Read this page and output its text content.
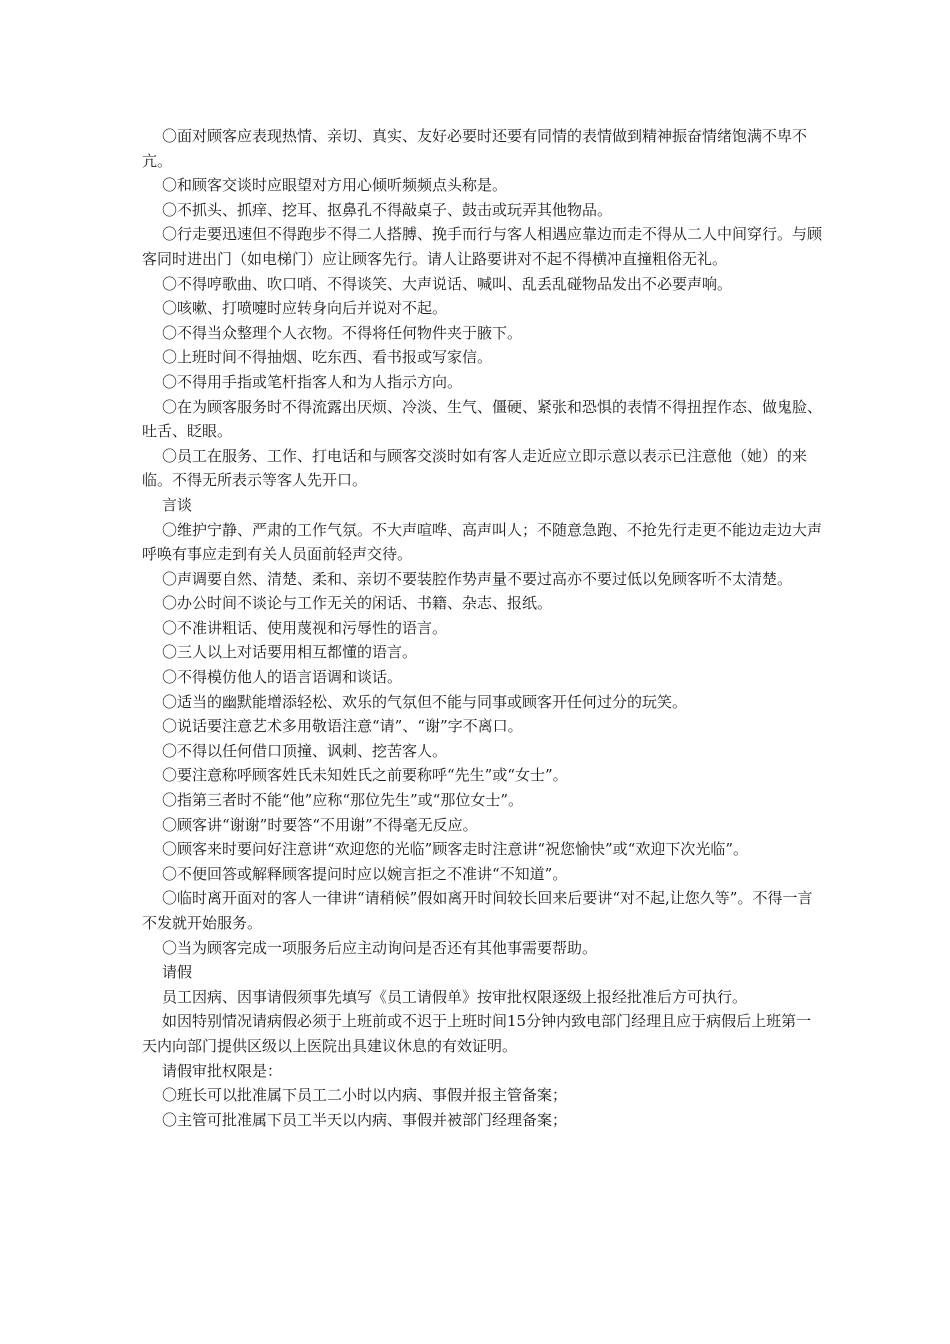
〇面对顾客应表现热情、亲切、真实、友好必要时还要有同情的表情做到精神振奋情绪饱满不卑不亢。

〇和顾客交谈时应眼望对方用心倾听频频点头称是。

〇不抓头、抓痒、挖耳、抠鼻孔不得敲桌子、鼓击或玩弄其他物品。

〇行走要迅速但不得跑步不得二人搭膊、挽手而行与客人相遇应靠边而走不得从二人中间穿行。与顾客同时进出门（如电梯门）应让顾客先行。请人让路要讲对不起不得横冲直撞粗俗无礼。

〇不得哼歌曲、吹口哨、不得谈笑、大声说话、喊叫、乱丢乱碰物品发出不必要声响。

〇咳嗽、打喷嚏时应转身向后并说对不起。

〇不得当众整理个人衣物。不得将任何物件夹于腋下。

〇上班时间不得抽烟、吃东西、看书报或写家信。

〇不得用手指或笔杆指客人和为人指示方向。

〇在为顾客服务时不得流露出厌烦、冷淡、生气、僵硬、紧张和恐惧的表情不得扭捏作态、做鬼脸、吐舌、眨眼。

〇员工在服务、工作、打电话和与顾客交淡时如有客人走近应立即示意以表示已注意他（她）的来临。不得无所表示等客人先开口。

言谈

〇维护宁静、严肃的工作气氛。不大声喧哗、高声叫人；不随意急跑、不抢先行走更不能边走边大声呼唤有事应走到有关人员面前轻声交待。

〇声调要自然、清楚、柔和、亲切不要装腔作势声量不要过高亦不要过低以免顾客听不太清楚。

〇办公时间不谈论与工作无关的闲话、书籍、杂志、报纸。

〇不准讲粗话、使用蔑视和污辱性的语言。

〇三人以上对话要用相互都懂的语言。

〇不得模仿他人的语言语调和谈话。

〇适当的幽默能增添轻松、欢乐的气氛但不能与同事或顾客开任何过分的玩笑。

〇说话要注意艺术多用敬语注意“请”、“谢”字不离口。

〇不得以任何借口顶撞、讽刺、挖苦客人。

〇要注意称呼顾客姓氏未知姓氏之前要称呼“先生”或“女士”。

〇指第三者时不能“他”应称“那位先生”或“那位女士”。

〇顾客讲“谢谢”时要答“不用谢”不得毫无反应。

〇顾客来时要问好注意讲“欢迎您的光临”顾客走时注意讲“祝您愉快”或“欢迎下次光临”。

〇不便回答或解释顾客提问时应以婉言拒之不准讲“不知道”。

〇临时离开面对的客人一律讲“请稍候”假如离开时间较长回来后要讲“对不起,让您久等”。不得一言不发就开始服务。

〇当为顾客完成一项服务后应主动询问是否还有其他事需要帮助。

请假

员工因病、因事请假须事先填写《员工请假单》按审批权限逐级上报经批准后方可执行。

如因特别情况请病假必须于上班前或不迟于上班时间15分钟内致电部门经理且应于病假后上班第一天内向部门提供区级以上医院出具建议休息的有效证明。

请假审批权限是：

〇班长可以批准属下员工二小时以内病、事假并报主管备案；

〇主管可批准属下员工半天以内病、事假并被部门经理备案；
